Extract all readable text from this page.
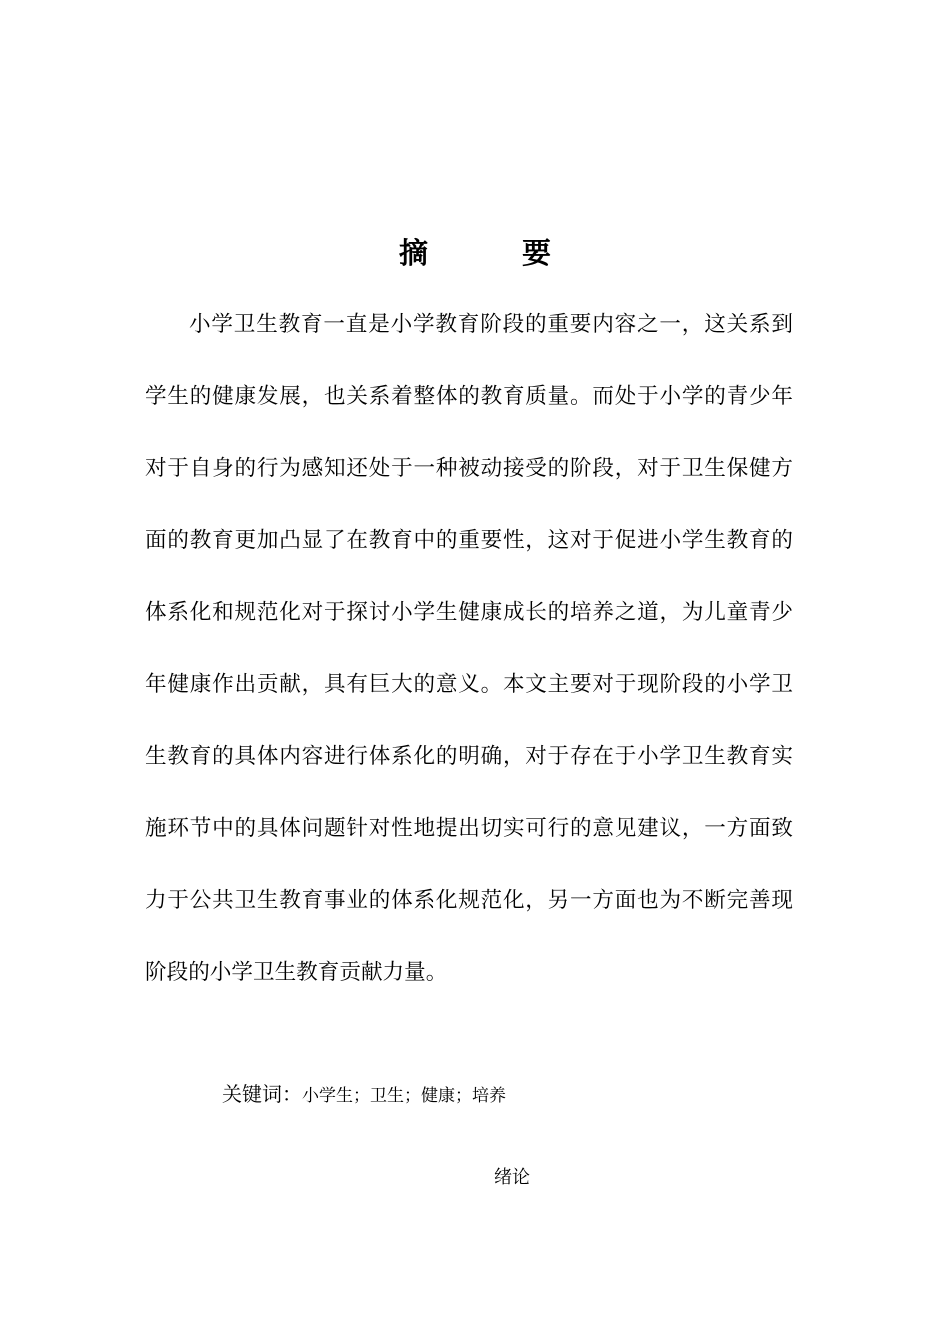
摘 要
小学卫生教育一直是小学教育阶段的重要内容之一，这关系到
学生的健康发展，也关系着整体的教育质量。而处于小学的青少年
对于自身的行为感知还处于一种被动接受的阶段，对于卫生保健方
面的教育更加凸显了在教育中的重要性，这对于促进小学生教育的
体系化和规范化对于探讨小学生健康成长的培养之道，为儿童青少
年健康作出贡献，具有巨大的意义。本文主要对于现阶段的小学卫
生教育的具体内容进行体系化的明确，对于存在于小学卫生教育实
施环节中的具体问题针对性地提出切实可行的意见建议，一方面致
力于公共卫生教育事业的体系化规范化，另一方面也为不断完善现
阶段的小学卫生教育贡献力量。
关键词：小学生；卫生；健康；培养
绪论
